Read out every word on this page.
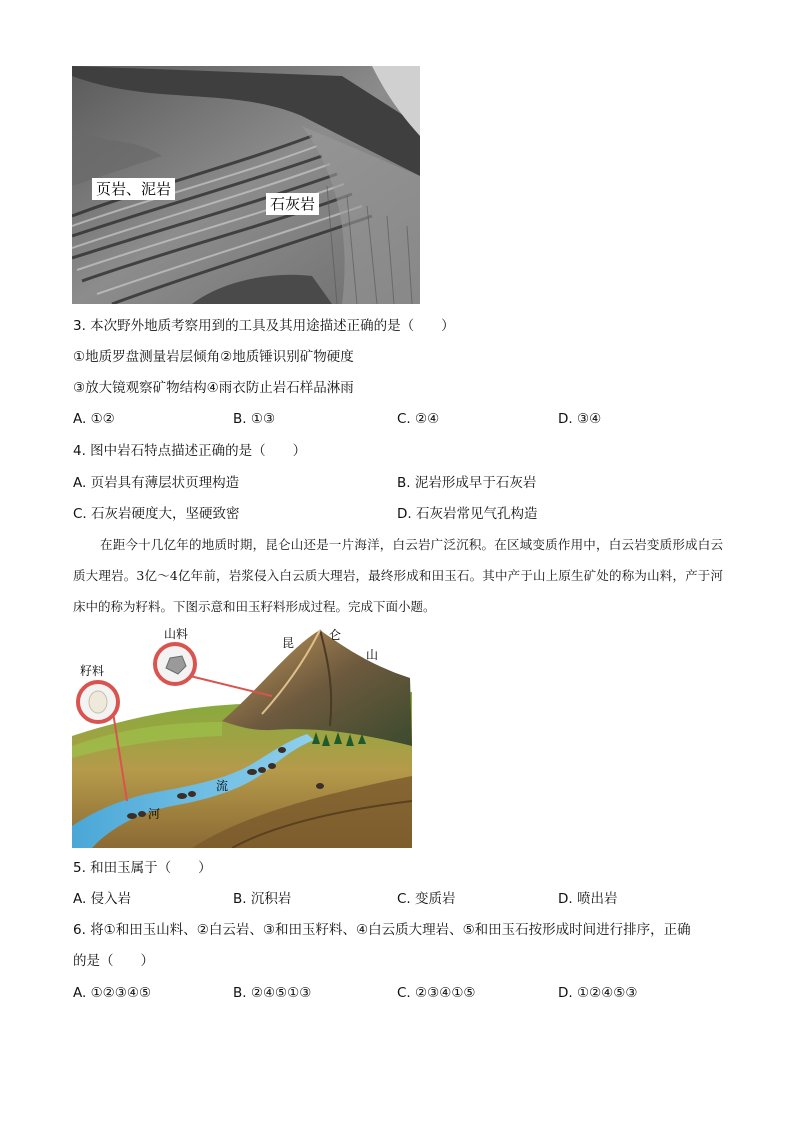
页岩、泥岩
石灰岩
3. 本次野外地质考察用到的工具及其用途描述正确的是（　　）
①地质罗盘测量岩层倾角②地质锤识别矿物硬度
③放大镜观察矿物结构④雨衣防止岩石样品淋雨
A. ①②	B. ①③	C. ②④	D. ③④
4. 图中岩石特点描述正确的是（　　）
A. 页岩具有薄层状页理构造	B. 泥岩形成早于石灰岩
C. 石灰岩硬度大，坚硬致密	D. 石灰岩常见气孔构造

在距今十几亿年的地质时期，昆仑山还是一片海洋，白云岩广泛沉积。在区域变质作用中，白云岩变质形成白云质大理岩。3亿～4亿年前，岩浆侵入白云质大理岩，最终形成和田玉石。其中产于山上原生矿处的称为山料，产于河床中的称为籽料。下图示意和田玉籽料形成过程。完成下面小题。

山料
籽料
昆
仑
山
流
河
5. 和田玉属于（　　）
A. 侵入岩	B. 沉积岩	C. 变质岩	D. 喷出岩
6. 将①和田玉山料、②白云岩、③和田玉籽料、④白云质大理岩、⑤和田玉石按形成时间进行排序，正确
的是（　　）
A. ①②③④⑤	B. ②④⑤①③	C. ②③④①⑤	D. ①②④⑤③
